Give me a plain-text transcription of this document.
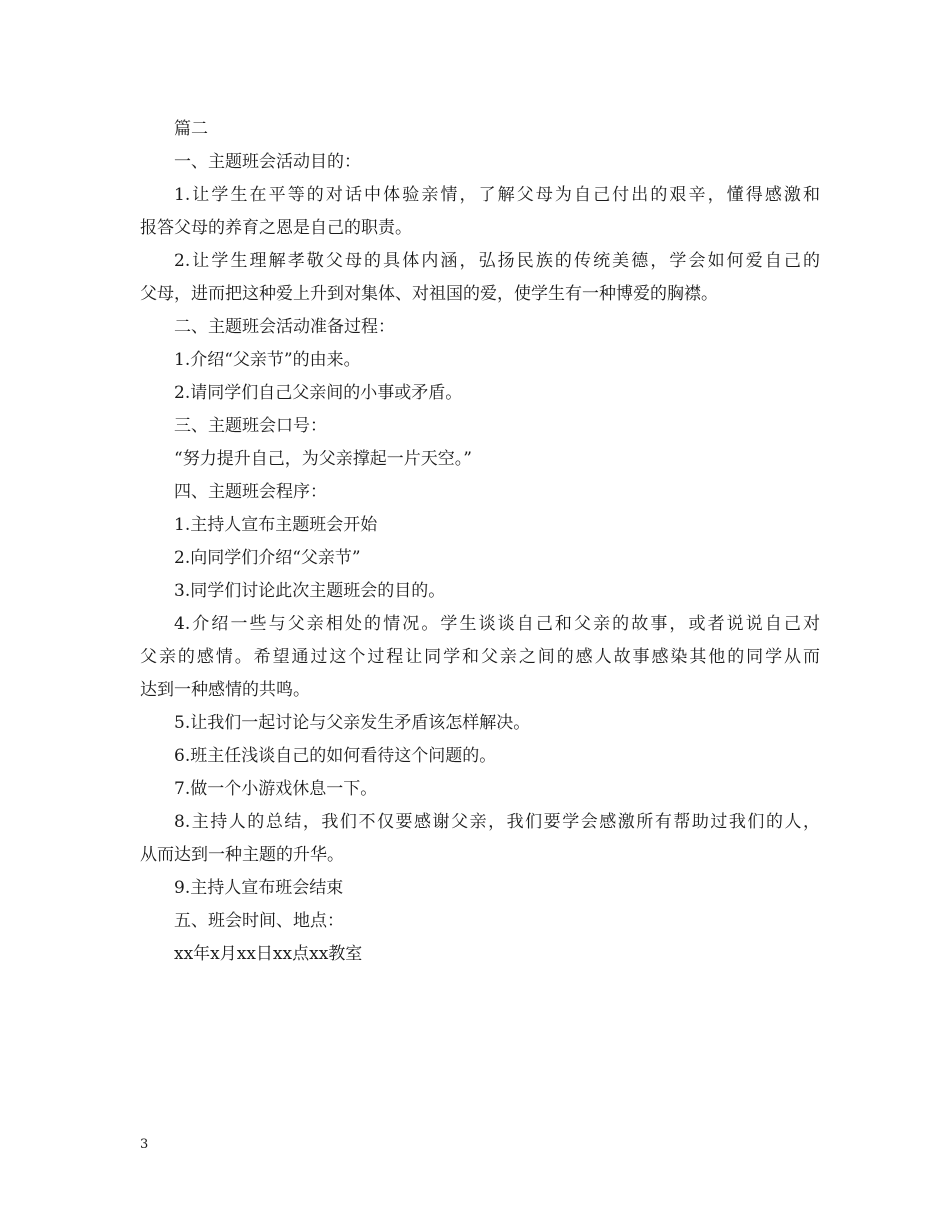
篇二
一、主题班会活动目的：
1.让学生在平等的对话中体验亲情，了解父母为自己付出的艰辛，懂得感激和
报答父母的养育之恩是自己的职责。
2.让学生理解孝敬父母的具体内涵，弘扬民族的传统美德，学会如何爱自己的
父母，进而把这种爱上升到对集体、对祖国的爱，使学生有一种博爱的胸襟。
二、主题班会活动准备过程：
1.介绍“父亲节”的由来。
2.请同学们自己父亲间的小事或矛盾。
三、主题班会口号：
“努力提升自己，为父亲撑起一片天空。”
四、主题班会程序：
1.主持人宣布主题班会开始
2.向同学们介绍“父亲节”
3.同学们讨论此次主题班会的目的。
4.介绍一些与父亲相处的情况。学生谈谈自己和父亲的故事，或者说说自己对
父亲的感情。希望通过这个过程让同学和父亲之间的感人故事感染其他的同学从而
达到一种感情的共鸣。
5.让我们一起讨论与父亲发生矛盾该怎样解决。
6.班主任浅谈自己的如何看待这个问题的。
7.做一个小游戏休息一下。
8.主持人的总结，我们不仅要感谢父亲，我们要学会感激所有帮助过我们的人，
从而达到一种主题的升华。
9.主持人宣布班会结束
五、班会时间、地点：
xx年x月xx日xx点xx教室
3
